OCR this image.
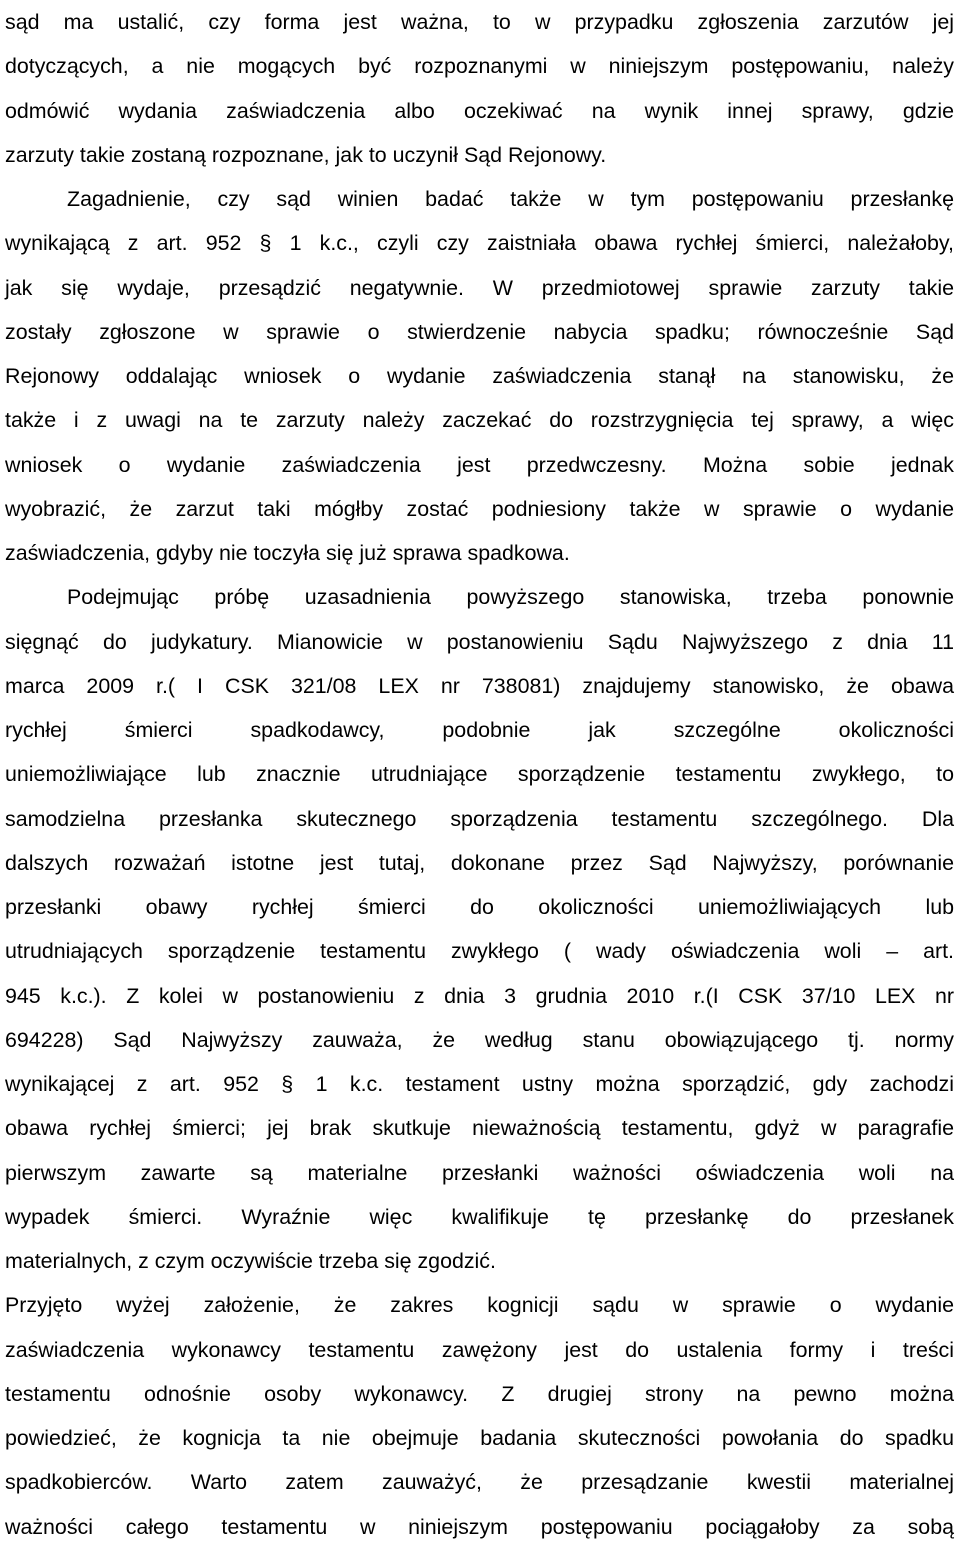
sąd ma ustalić, czy forma jest ważna, to w przypadku zgłoszenia zarzutów jej
dotyczących, a nie mogących być rozpoznanymi w niniejszym postępowaniu, należy
odmówić wydania zaświadczenia albo oczekiwać na wynik innej sprawy, gdzie
zarzuty takie zostaną rozpoznane, jak to uczynił Sąd Rejonowy.

Zagadnienie, czy sąd winien badać także w tym postępowaniu przesłankę
wynikającą z art. 952 § 1 k.c., czyli czy zaistniała obawa rychłej śmierci, należałoby,
jak się wydaje, przesądzić negatywnie. W przedmiotowej sprawie zarzuty takie
zostały zgłoszone w sprawie o stwierdzenie nabycia spadku; równocześnie Sąd
Rejonowy oddalając wniosek o wydanie zaświadczenia stanął na stanowisku, że
także i z uwagi na te zarzuty należy zaczekać do rozstrzygnięcia tej sprawy, a więc
wniosek o wydanie zaświadczenia jest przedwczesny. Można sobie jednak
wyobrazić, że zarzut taki mógłby zostać podniesiony także w sprawie o wydanie
zaświadczenia, gdyby nie toczyła się już sprawa spadkowa.

Podejmując próbę uzasadnienia powyższego stanowiska, trzeba ponownie
sięgnąć do judykatury. Mianowicie w postanowieniu Sądu Najwyższego z dnia 11
marca 2009 r.( I CSK 321/08 LEX nr 738081) znajdujemy stanowisko, że obawa
rychłej śmierci spadkodawcy, podobnie jak szczególne okoliczności
uniemożliwiające lub znacznie utrudniające sporządzenie testamentu zwykłego, to
samodzielna przesłanka skutecznego sporządzenia testamentu szczególnego. Dla
dalszych rozważań istotne jest tutaj, dokonane przez Sąd Najwyższy, porównanie
przesłanki obawy rychłej śmierci do okoliczności uniemożliwiających lub
utrudniających sporządzenie testamentu zwykłego ( wady oświadczenia woli – art.
945 k.c.). Z kolei w postanowieniu z dnia 3 grudnia 2010 r.(I CSK 37/10 LEX nr
694228) Sąd Najwyższy zauważa, że według stanu obowiązującego tj. normy
wynikającej z art. 952 § 1 k.c. testament ustny można sporządzić, gdy zachodzi
obawa rychłej śmierci; jej brak skutkuje nieważnością testamentu, gdyż w paragrafie
pierwszym zawarte są materialne przesłanki ważności oświadczenia woli na
wypadek śmierci. Wyraźnie więc kwalifikuje tę przesłankę do przesłanek
materialnych, z czym oczywiście trzeba się zgodzić.

Przyjęto wyżej założenie, że zakres kognicji sądu w sprawie o wydanie
zaświadczenia wykonawcy testamentu zawężony jest do ustalenia formy i treści
testamentu odnośnie osoby wykonawcy. Z drugiej strony na pewno można
powiedzieć, że kognicja ta nie obejmuje badania skuteczności powołania do spadku
spadkobierców. Warto zatem zauważyć, że przesądzanie kwestii materialnej
ważności całego testamentu w niniejszym postępowaniu pociągałoby za sobą
